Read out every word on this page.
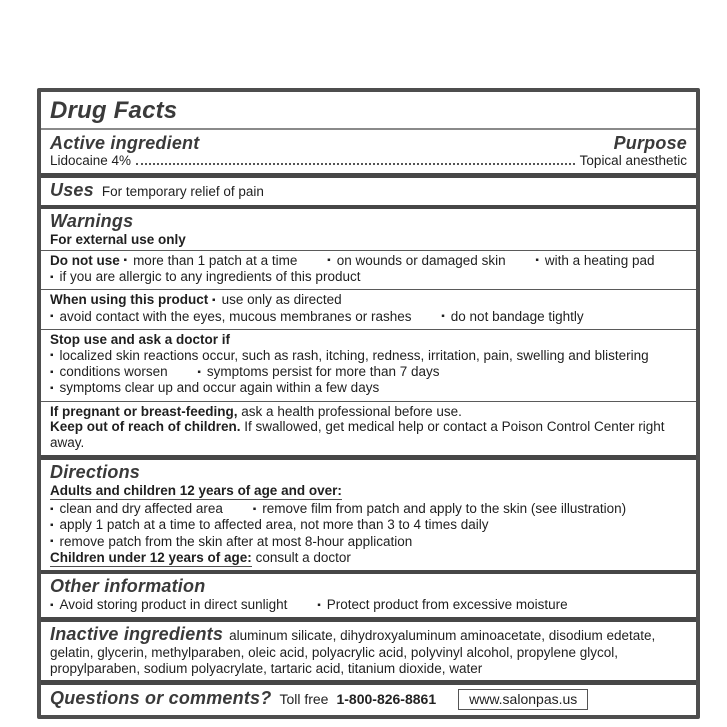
Drug Facts
Active ingredient	Purpose
Lidocaine 4%	Topical anesthetic
Uses For temporary relief of pain
Warnings
For external use only
Do not use ▪ more than 1 patch at a time	▪ on wounds or damaged skin	▪ with a heating pad
▪ if you are allergic to any ingredients of this product
When using this product ▪ use only as directed
▪ avoid contact with the eyes, mucous membranes or rashes	▪ do not bandage tightly
Stop use and ask a doctor if
▪ localized skin reactions occur, such as rash, itching, redness, irritation, pain, swelling and blistering
▪ conditions worsen	▪ symptoms persist for more than 7 days
▪ symptoms clear up and occur again within a few days
If pregnant or breast-feeding, ask a health professional before use.
Keep out of reach of children. If swallowed, get medical help or contact a Poison Control Center right away.
Directions
Adults and children 12 years of age and over:
▪ clean and dry affected area	▪ remove film from patch and apply to the skin (see illustration)
▪ apply 1 patch at a time to affected area, not more than 3 to 4 times daily
▪ remove patch from the skin after at most 8-hour application
Children under 12 years of age: consult a doctor
Other information
▪ Avoid storing product in direct sunlight	▪ Protect product from excessive moisture
Inactive ingredients aluminum silicate, dihydroxyaluminum aminoacetate, disodium edetate, gelatin, glycerin, methylparaben, oleic acid, polyacrylic acid, polyvinyl alcohol, propylene glycol, propylparaben, sodium polyacrylate, tartaric acid, titanium dioxide, water
Questions or comments? Toll free 1-800-826-8861	www.salonpas.us
